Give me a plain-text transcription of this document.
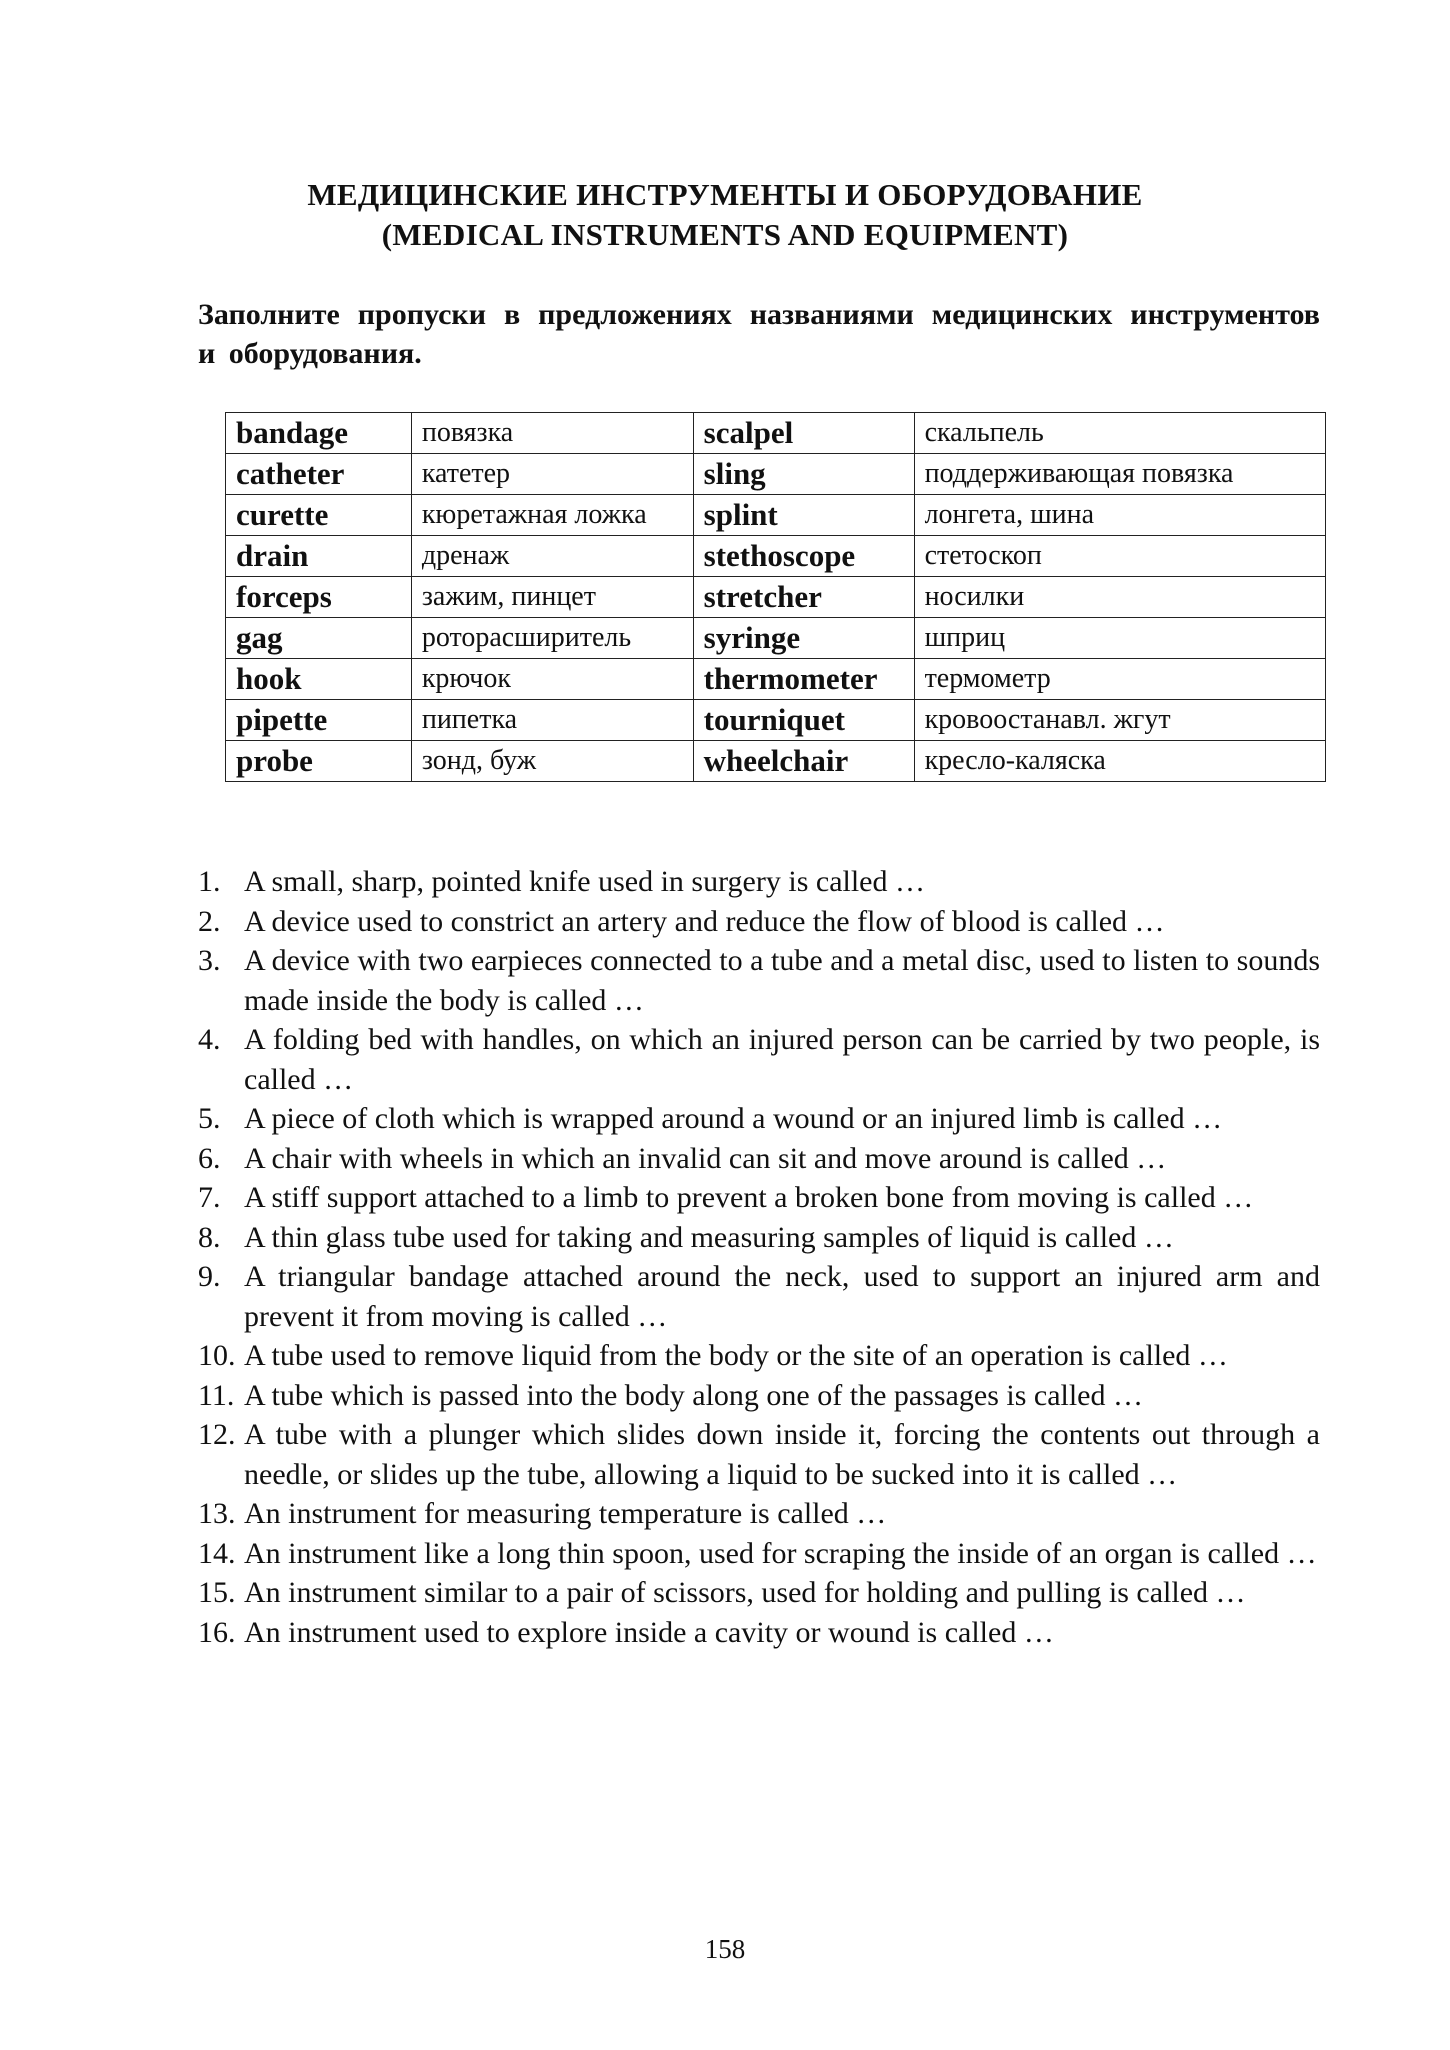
МЕДИЦИНСКИЕ ИНСТРУМЕНТЫ И ОБОРУДОВАНИЕ
(MEDICAL INSTRUMENTS AND EQUIPMENT)
Заполните пропуски в предложениях названиями медицинских инструментов и оборудования.
bandage	повязка	scalpel	скальпель
catheter	катетер	sling	поддерживающая повязка
curette	кюретажная ложка	splint	лонгета, шина
drain	дренаж	stethoscope	стетоскоп
forceps	зажим, пинцет	stretcher	носилки
gag	роторасширитель	syringe	шприц
hook	крючок	thermometer	термометр
pipette	пипетка	tourniquet	кровоостанавл. жгут
probe	зонд, буж	wheelchair	кресло-каляска
1. A small, sharp, pointed knife used in surgery is called …
2. A device used to constrict an artery and reduce the flow of blood is called …
3. A device with two earpieces connected to a tube and a metal disc, used to listen to sounds made inside the body is called …
4. A folding bed with handles, on which an injured person can be carried by two people, is called …
5. A piece of cloth which is wrapped around a wound or an injured limb is called …
6. A chair with wheels in which an invalid can sit and move around is called …
7. A stiff support attached to a limb to prevent a broken bone from moving is called …
8. A thin glass tube used for taking and measuring samples of liquid is called …
9. A triangular bandage attached around the neck, used to support an injured arm and prevent it from moving is called …
10. A tube used to remove liquid from the body or the site of an operation is called …
11. A tube which is passed into the body along one of the passages is called …
12. A tube with a plunger which slides down inside it, forcing the contents out through a needle, or slides up the tube, allowing a liquid to be sucked into it is called …
13. An instrument for measuring temperature is called …
14. An instrument like a long thin spoon, used for scraping the inside of an organ is called …
15. An instrument similar to a pair of scissors, used for holding and pulling is called …
16. An instrument used to explore inside a cavity or wound is called …
158
